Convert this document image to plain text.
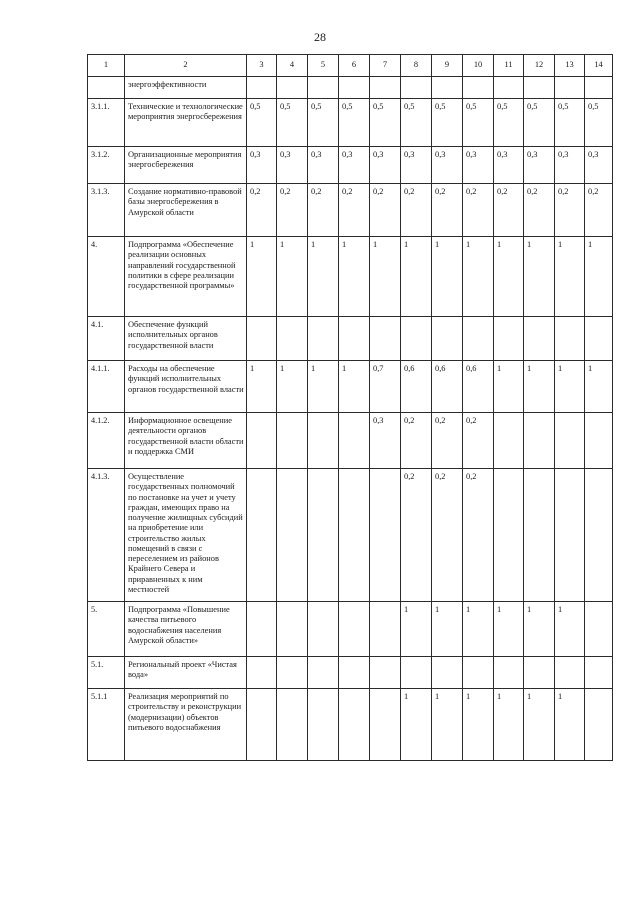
28
1	2	3	4	5	6	7	8	9	10	11	12	13	14
	энергоэффективности												
3.1.1.	Технические и технологические мероприятия энергосбережения	0,5	0,5	0,5	0,5	0,5	0,5	0,5	0,5	0,5	0,5	0,5	0,5
3.1.2.	Организационные мероприятия энергосбережения	0,3	0,3	0,3	0,3	0,3	0,3	0,3	0,3	0,3	0,3	0,3	0,3
3.1.3.	Создание нормативно-правовой базы энергосбережения в Амурской области	0,2	0,2	0,2	0,2	0,2	0,2	0,2	0,2	0,2	0,2	0,2	0,2
4.	Подпрограмма «Обеспечение реализации основных направлений государственной политики в сфере реализации государственной программы»	1	1	1	1	1	1	1	1	1	1	1	1
4.1.	Обеспечение функций исполнительных органов государственной власти												
4.1.1.	Расходы на обеспечение функций исполнительных органов государственной власти	1	1	1	1	0,7	0,6	0,6	0,6	1	1	1	1
4.1.2.	Информационное освещение деятельности органов государственной власти области и поддержка СМИ					0,3	0,2	0,2	0,2				
4.1.3.	Осуществление государственных полномочий по постановке на учет и учету граждан, имеющих право на получение жилищных субсидий на приобретение или строительство жилых помещений в связи с переселением из районов Крайнего Севера и приравненных к ним местностей						0,2	0,2	0,2				
5.	Подпрограмма «Повышение качества питьевого водоснабжения населения Амурской области»						1	1	1	1	1	1	
5.1.	Региональный проект «Чистая вода»												
5.1.1	Реализация мероприятий по строительству и реконструкции (модернизации) объектов питьевого водоснабжения						1	1	1	1	1	1	
